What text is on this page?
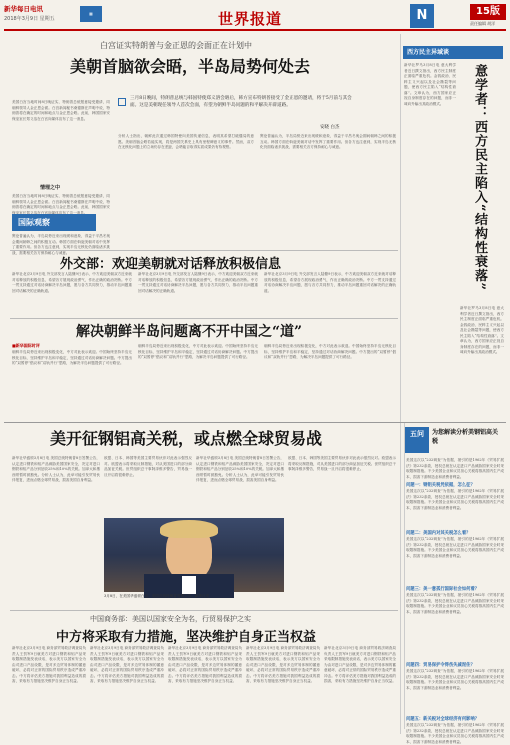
新华每日电讯
2018年3月9日 星期五
▦	世界报道	N	15版
责任编辑 胡洋
白宫证实特朗普与金正恩的会面正在计划中
美朝首脑欲会晤，半岛局势何处去
三月8日晚间，特朗普总统与韩国特使郑义溶会晤后，韩方宣布特朗普接受了金正恩的邀请，将于5月前与其会面。这是美朝现任领导人首次会面，有望为朝鲜半岛问题的和平解决开辟道路。
安晓 白杰
美国白宫当地时间8日晚证实，特朗普总统愿意接受邀请，同朝鲜领导人金正恩会面。白宫新闻秘书桑德斯在声明中说，特朗普将在确定的时间和地点与金正恩会晤。此前，韩国国家安保室室长郑义溶在白宫向媒体宣布了这一消息。
情理之中
美国白宫当地时间8日晚证实，特朗普总统愿意接受邀请，同朝鲜领导人金正恩会面。白宫新闻秘书桑德斯在声明中说，特朗普将在确定的时间和地点与金正恩会晤。此前，韩国国家安保室室长郑义溶在白宫向媒体宣布了这一消息。
国际观察
舆论普遍认为，半岛局势近来出现缓和迹象，得益于平昌冬奥会期间朝韩之间的积极互动。韩国方面在斡旋美朝对话中发挥了重要作用。但各方也注意到，实现半岛无核化仍面临诸多挑战，需要相关各方保持耐心与诚意。
分析人士指出，朝鲜此次通过韩国特使向美国传递信息，表明其希望打破僵局的意愿。美朝首脑会晤若能实现，将是两国关系史上具有里程碑意义的事件。然而，双方在无核化问题上的立场仍存在差距，会晤能否取得实质成果仍有待观察。
舆论普遍认为，半岛局势近来出现缓和迹象，得益于平昌冬奥会期间朝韩之间的积极互动。韩国方面在斡旋美朝对话中发挥了重要作用。但各方也注意到，实现半岛无核化仍面临诸多挑战，需要相关各方保持耐心与诚意。
外交部：欢迎美朝就对话释放积极信息
新华社北京3月9日电 外交部发言人陆慷9日表示，中方欢迎美朝双方近来就对话释放的积极信息，希望各方展现政治勇气，作出正确的政治决断。中方一贯支持通过对话协商解决半岛问题，愿与各方共同努力，推动半岛问题重回对话解决的正确轨道。
新华社北京3月9日电 外交部发言人陆慷9日表示，中方欢迎美朝双方近来就对话释放的积极信息，希望各方展现政治勇气，作出正确的政治决断。中方一贯支持通过对话协商解决半岛问题，愿与各方共同努力，推动半岛问题重回对话解决的正确轨道。
新华社北京3月9日电 外交部发言人陆慷9日表示，中方欢迎美朝双方近来就对话释放的积极信息，希望各方展现政治勇气，作出正确的政治决断。中方一贯支持通过对话协商解决半岛问题，愿与各方共同努力，推动半岛问题重回对话解决的正确轨道。
解决朝鲜半岛问题离不开中国之“道”
■新华国际时评
朝鲜半岛局势近来出现积极变化，中方对此表示欢迎。中国始终坚持半岛无核化目标，坚持维护半岛和平稳定，坚持通过对话协商解决问题。中方提出的“双暂停”倡议和“双轨并行”思路，为解决半岛问题提供了可行路径。
朝鲜半岛局势近来出现积极变化，中方对此表示欢迎。中国始终坚持半岛无核化目标，坚持维护半岛和平稳定，坚持通过对话协商解决问题。中方提出的“双暂停”倡议和“双轨并行”思路，为解决半岛问题提供了可行路径。
朝鲜半岛局势近来出现积极变化，中方对此表示欢迎。中国始终坚持半岛无核化目标，坚持维护半岛和平稳定，坚持通过对话协商解决问题。中方提出的“双暂停”倡议和“双轨并行”思路，为解决半岛问题提供了可行路径。
西方民主异域谈
新华社罗马3月8日电 意大利学者近日撰文指出，西方民主制度正面临严重危机。金钱政治、民粹主义兴起以及社会撕裂等问题，使西方民主陷入“结构性衰落”。文章认为，西方国家应正视自身制度存在的问题，而非一味向外输出其政治模式。	意学者：西方民主陷入“结构性衰落”
新华社罗马3月8日电 意大利学者近日撰文指出，西方民主制度正面临严重危机。金钱政治、民粹主义兴起以及社会撕裂等问题，使西方民主陷入“结构性衰落”。文章认为，西方国家应正视自身制度存在的问题，而非一味向外输出其政治模式。
美开征钢铝高关税，或点燃全球贸易战
新华社华盛顿3月8日电 美国总统特朗普8日签署公告，认定进口钢铁和铝产品威胁美国国家安全，决定对进口钢铁和铝产品分别征收25%和10%的关税。加拿大和墨西哥暂时被豁免。分析人士认为，此举可能引发贸易伙伴报复，进而点燃全球贸易战，损害美国自身利益。
欧盟、日本、韩国等美国主要贸易伙伴对此表示强烈反对。欧盟表示将采取反制措施，对从美国进口的部分商品加征关税。世贸组织总干事阿泽维多警告，贸易战一旦开启将很难停止。
新华社华盛顿3月8日电 美国总统特朗普8日签署公告，认定进口钢铁和铝产品威胁美国国家安全，决定对进口钢铁和铝产品分别征收25%和10%的关税。加拿大和墨西哥暂时被豁免。分析人士认为，此举可能引发贸易伙伴报复，进而点燃全球贸易战，损害美国自身利益。
欧盟、日本、韩国等美国主要贸易伙伴对此表示强烈反对。欧盟表示将采取反制措施，对从美国进口的部分商品加征关税。世贸组织总干事阿泽维多警告，贸易战一旦开启将很难停止。
3月8日，在美国华盛顿白宫，美国总统特朗普签署公告。新华社发
中国商务部：美国以国家安全为名，行贸易保护之实
中方将采取有力措施，坚决维护自身正当权益
新华社北京3月9日电 商务部贸易救济调查局负责人王贺军9日就美方对进口钢铁和铝产品采取限制措施发表谈话，表示美方以国家安全为由对进口产品设限，是对多边贸易体制的蓄意破坏，必将对正常的国际贸易秩序造成严重冲击。中方将评估美方措施对我国利益造成的损害，采取有力措施坚决维护自身正当权益。
新华社北京3月9日电 商务部贸易救济调查局负责人王贺军9日就美方对进口钢铁和铝产品采取限制措施发表谈话，表示美方以国家安全为由对进口产品设限，是对多边贸易体制的蓄意破坏，必将对正常的国际贸易秩序造成严重冲击。中方将评估美方措施对我国利益造成的损害，采取有力措施坚决维护自身正当权益。
新华社北京3月9日电 商务部贸易救济调查局负责人王贺军9日就美方对进口钢铁和铝产品采取限制措施发表谈话，表示美方以国家安全为由对进口产品设限，是对多边贸易体制的蓄意破坏，必将对正常的国际贸易秩序造成严重冲击。中方将评估美方措施对我国利益造成的损害，采取有力措施坚决维护自身正当权益。
新华社北京3月9日电 商务部贸易救济调查局负责人王贺军9日就美方对进口钢铁和铝产品采取限制措施发表谈话，表示美方以国家安全为由对进口产品设限，是对多边贸易体制的蓄意破坏，必将对正常的国际贸易秩序造成严重冲击。中方将评估美方措施对我国利益造成的损害，采取有力措施坚决维护自身正当权益。
新华社北京3月9日电 商务部贸易救济调查局负责人王贺军9日就美方对进口钢铁和铝产品采取限制措施发表谈话，表示美方以国家安全为由对进口产品设限，是对多边贸易体制的蓄意破坏，必将对正常的国际贸易秩序造成严重冲击。中方将评估美方措施对我国利益造成的损害，采取有力措施坚决维护自身正当权益。
五问	为您解读分析美钢铝高关税
美国这次以“232调查”为依据，援引的是1962年《贸易扩展法》第232条款，授权总统在认定进口产品威胁国家安全时采取限制措施。不少美国企业和议员担心关税将推高国内生产成本，损害下游制造业和消费者利益。
问题一：钢铝关税凭依据，怎么征？
美国这次以“232调查”为依据，援引的是1962年《贸易扩展法》第232条款，授权总统在认定进口产品威胁国家安全时采取限制措施。不少美国企业和议员担心关税将推高国内生产成本，损害下游制造业和消费者利益。
问题二：美国内对其关税怎么看？
美国这次以“232调查”为依据，援引的是1962年《贸易扩展法》第232条款，授权总统在认定进口产品威胁国家安全时采取限制措施。不少美国企业和议员担心关税将推高国内生产成本，损害下游制造业和消费者利益。
问题三：美一意孤行国际社会如何看？
美国这次以“232调查”为依据，援引的是1962年《贸易扩展法》第232条款，授权总统在认定进口产品威胁国家安全时采取限制措施。不少美国企业和议员担心关税将推高国内生产成本，损害下游制造业和消费者利益。
问题四：贸易保护令得伤失减泥住？
美国这次以“232调查”为依据，援引的是1962年《贸易扩展法》第232条款，授权总统在认定进口产品威胁国家安全时采取限制措施。不少美国企业和议员担心关税将推高国内生产成本，损害下游制造业和消费者利益。
问题五：新关税对全球经济有何影响？
美国这次以“232调查”为依据，援引的是1962年《贸易扩展法》第232条款，授权总统在认定进口产品威胁国家安全时采取限制措施。不少美国企业和议员担心关税将推高国内生产成本，损害下游制造业和消费者利益。
